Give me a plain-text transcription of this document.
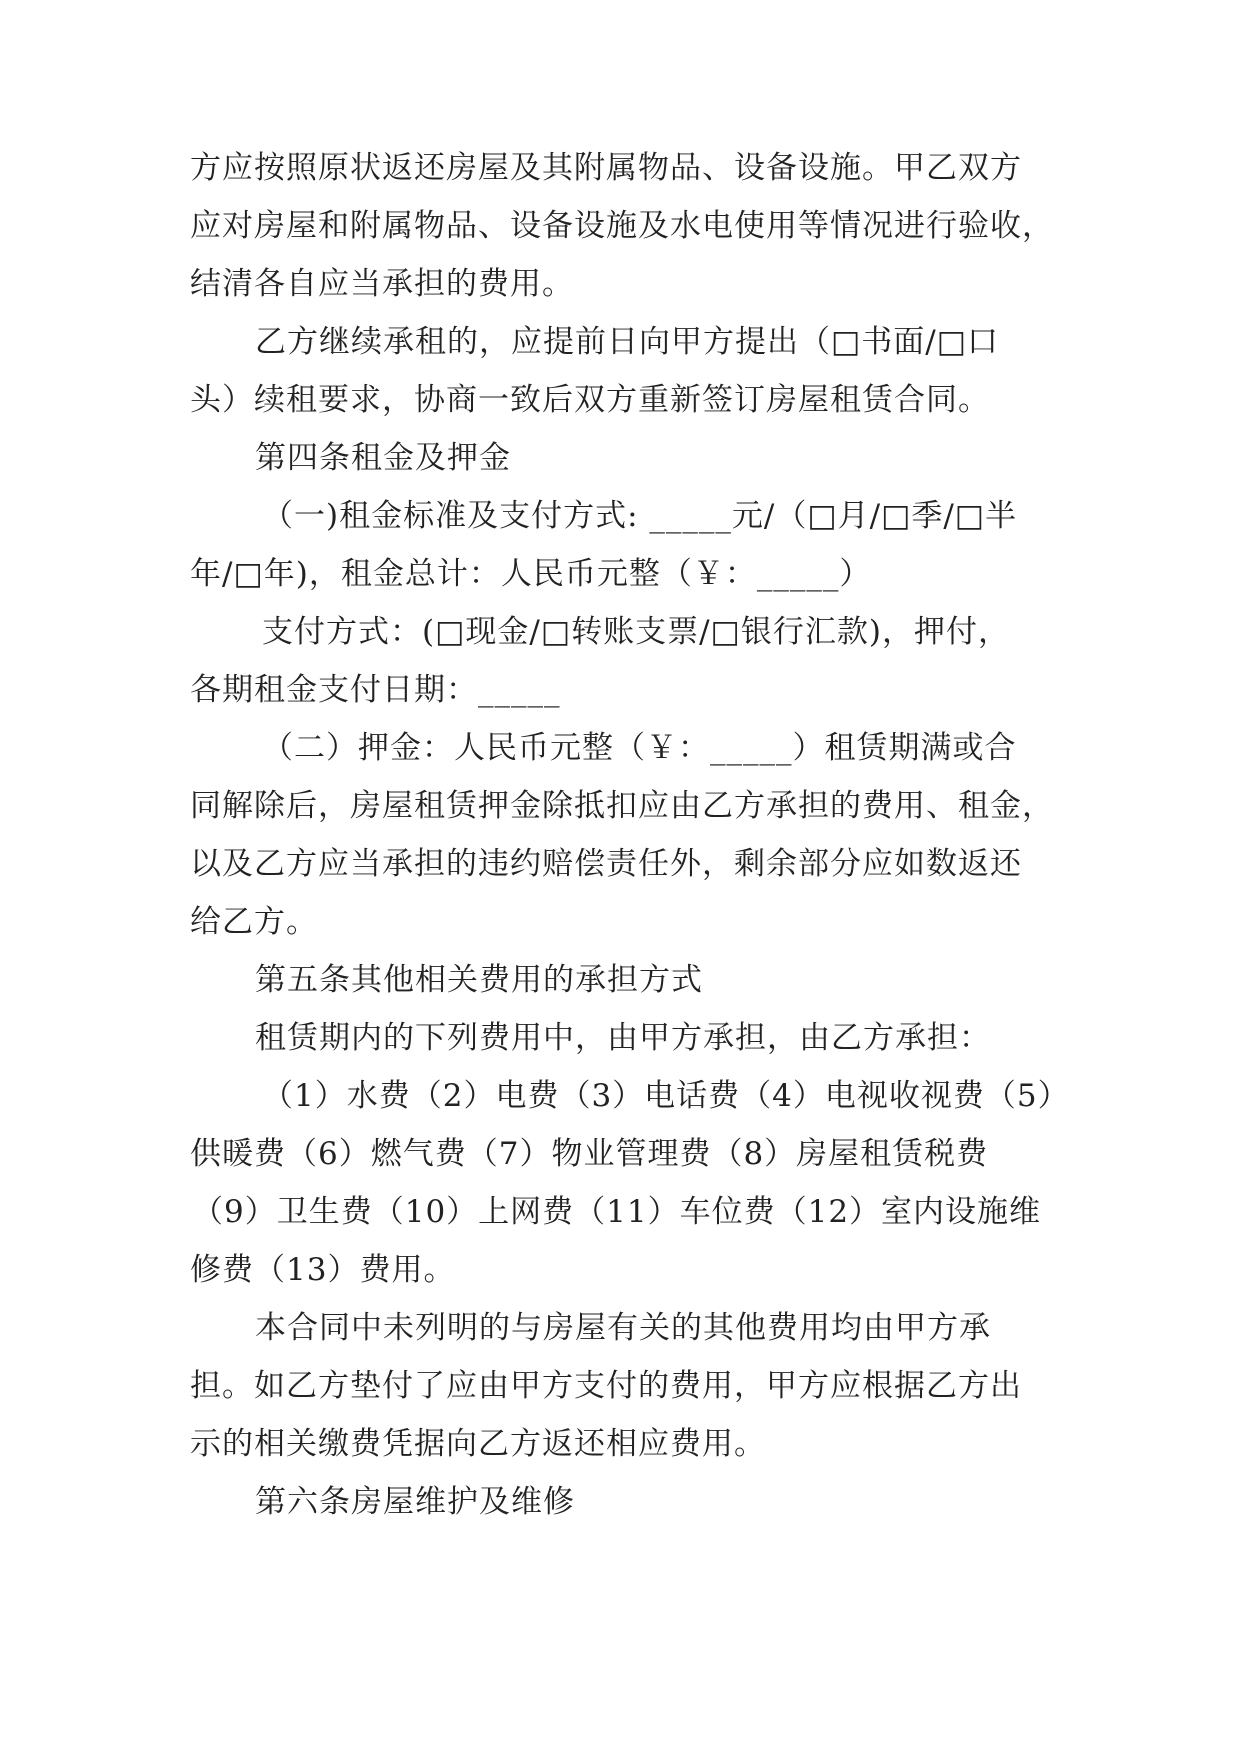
方应按照原状返还房屋及其附属物品、设备设施。甲乙双方
应对房屋和附属物品、设备设施及水电使用等情况进行验收，
结清各自应当承担的费用。
乙方继续承租的，应提前日向甲方提出（□书面/□口
头）续租要求，协商一致后双方重新签订房屋租赁合同。
第四条租金及押金
（一)租金标准及支付方式: _____元/（□月/□季/□半
年/□年)，租金总计：人民币元整（￥：_____）
支付方式：(□现金/□转账支票/□银行汇款)，押付，
各期租金支付日期：_____
（二）押金：人民币元整（￥：_____）租赁期满或合
同解除后，房屋租赁押金除抵扣应由乙方承担的费用、租金，
以及乙方应当承担的违约赔偿责任外，剩余部分应如数返还
给乙方。
第五条其他相关费用的承担方式
租赁期内的下列费用中，由甲方承担，由乙方承担：
（1）水费（2）电费（3）电话费（4）电视收视费（5）
供暖费（6）燃气费（7）物业管理费（8）房屋租赁税费
（9）卫生费（10）上网费（11）车位费（12）室内设施维
修费（13）费用。
本合同中未列明的与房屋有关的其他费用均由甲方承
担。如乙方垫付了应由甲方支付的费用，甲方应根据乙方出
示的相关缴费凭据向乙方返还相应费用。
第六条房屋维护及维修
